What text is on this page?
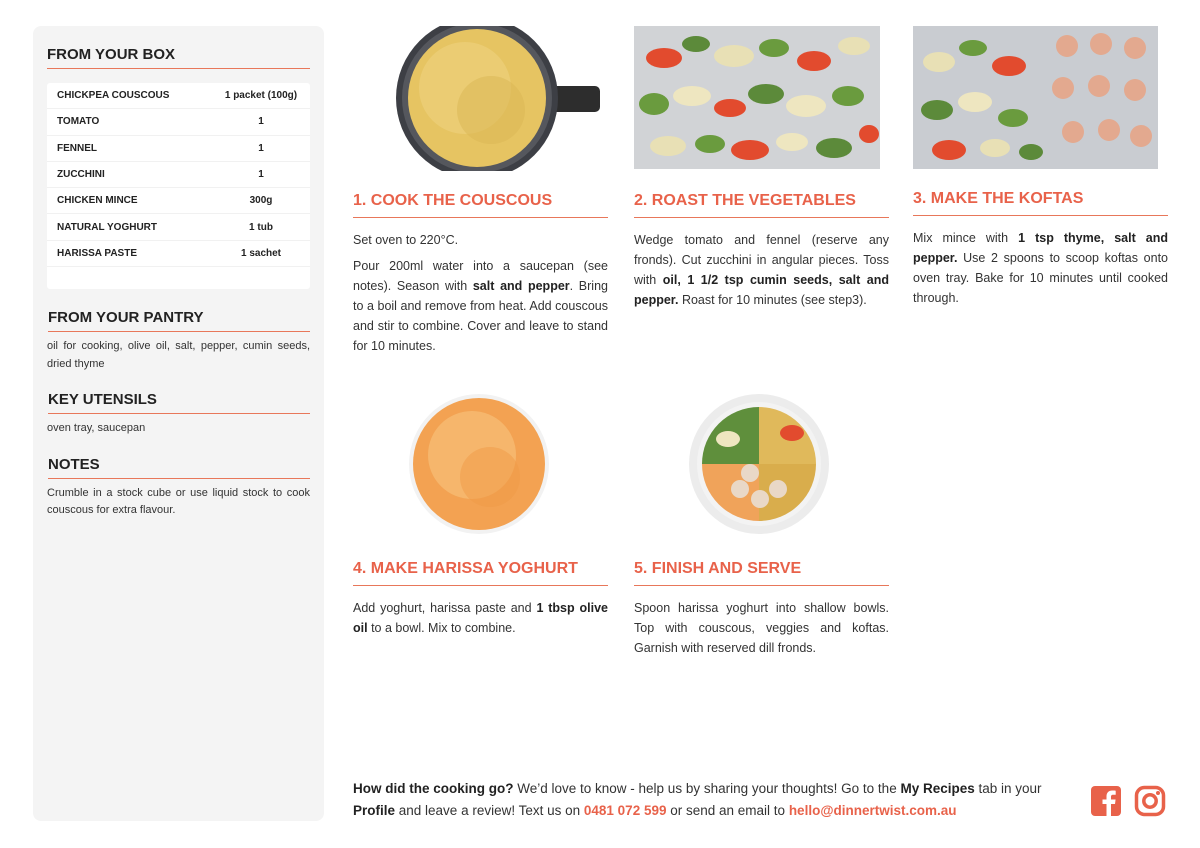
FROM YOUR BOX
CHICKPEA COUSCOUS	1 packet (100g)
TOMATO	1
FENNEL	1
ZUCCHINI	1
CHICKEN MINCE	300g
NATURAL YOGHURT	1 tub
HARISSA PASTE	1 sachet
FROM YOUR PANTRY
oil for cooking, olive oil, salt, pepper, cumin seeds, dried thyme
KEY UTENSILS
oven tray, saucepan
NOTES
Crumble in a stock cube or use liquid stock to cook couscous for extra flavour.
1. COOK THE COUSCOUS

Set oven to 220°C.

Pour 200ml water into a saucepan (see notes). Season with salt and pepper. Bring to a boil and remove from heat. Add couscous and stir to combine. Cover and leave to stand for 10 minutes.

2. ROAST THE VEGETABLES

Wedge tomato and fennel (reserve any fronds). Cut zucchini in angular pieces. Toss with oil, 1 1/2 tsp cumin seeds, salt and pepper. Roast for 10 minutes (see step3).

3. MAKE THE KOFTAS

Mix mince with 1 tsp thyme, salt and pepper. Use 2 spoons to scoop koftas onto oven tray. Bake for 10 minutes until cooked through.

4. MAKE HARISSA YOGHURT

Add yoghurt, harissa paste and 1 tbsp olive oil to a bowl. Mix to combine.

5. FINISH AND SERVE

Spoon harissa yoghurt into shallow bowls. Top with couscous, veggies and koftas. Garnish with reserved dill fronds.

How did the cooking go? We’d love to know - help us by sharing your thoughts! Go to the My Recipes tab in your Profile and leave a review! Text us on 0481 072 599 or send an email to hello@dinnertwist.com.au
